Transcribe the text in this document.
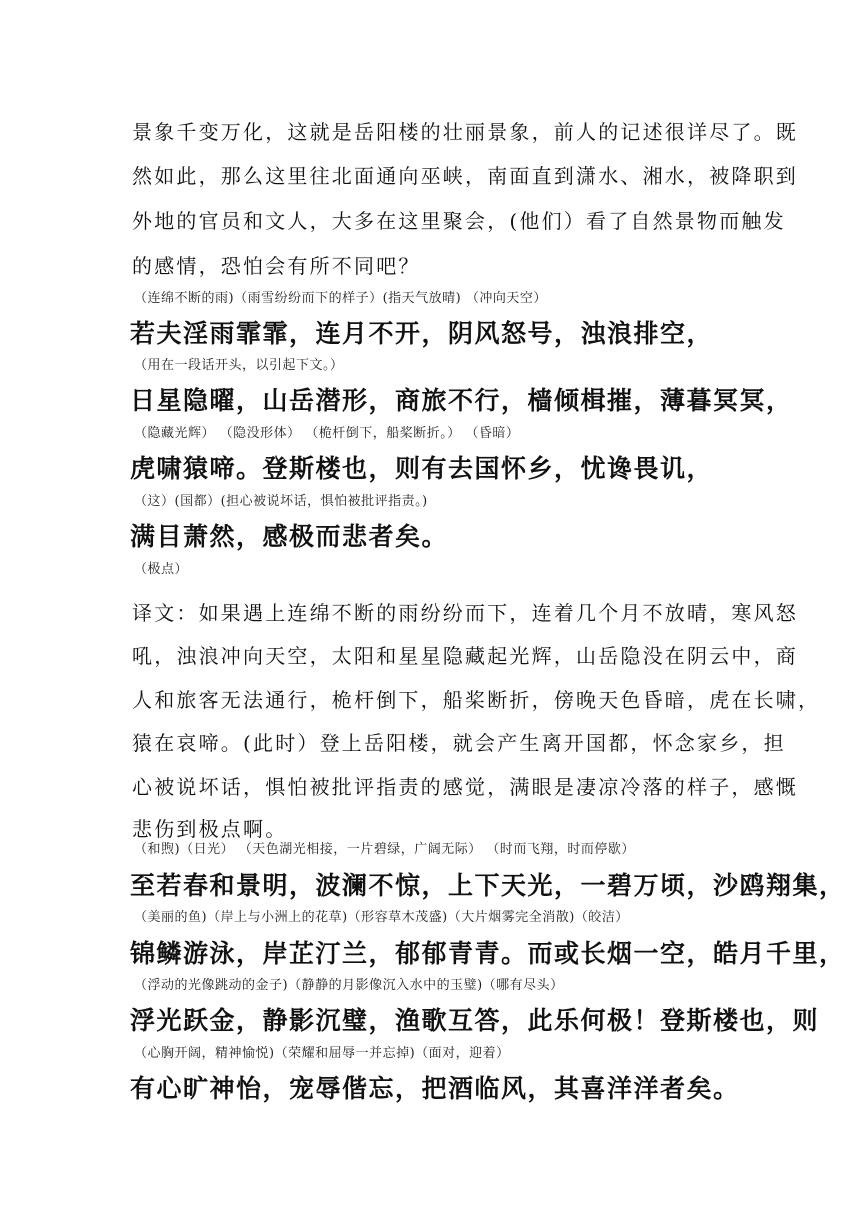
景象千变万化，这就是岳阳楼的壮丽景象，前人的记述很详尽了。既
然如此，那么这里往北面通向巫峡，南面直到潇水、湘水，被降职到
外地的官员和文人，大多在这里聚会，(他们）看了自然景物而触发
的感情，恐怕会有所不同吧？

（连绵不断的雨)（雨雪纷纷而下的样子）(指天气放晴) （冲向天空）

若夫淫雨霏霏，连月不开，阴风怒号，浊浪排空，

（用在一段话开头，以引起下文。）

日星隐曜，山岳潜形，商旅不行，樯倾楫摧，薄暮冥冥，

（隐藏光辉） （隐没形体） （桅杆倒下，船桨断折。） （昏暗）

虎啸猿啼。登斯楼也，则有去国怀乡，忧谗畏讥，

（这）(国都）(担心被说坏话，惧怕被批评指责。)

满目萧然，感极而悲者矣。

（极点）

译文：如果遇上连绵不断的雨纷纷而下，连着几个月不放晴，寒风怒
吼，浊浪冲向天空，太阳和星星隐藏起光辉，山岳隐没在阴云中，商
人和旅客无法通行，桅杆倒下，船桨断折，傍晚天色昏暗，虎在长啸，
猿在哀啼。(此时）登上岳阳楼，就会产生离开国都，怀念家乡，担
心被说坏话，惧怕被批评指责的感觉，满眼是凄凉冷落的样子，感慨
悲伤到极点啊。

（和煦)（日光） （天色湖光相接，一片碧绿，广阔无际） （时而飞翔，时而停歇）

至若春和景明，波澜不惊，上下天光，一碧万顷，沙鸥翔集，

（美丽的鱼)（岸上与小洲上的花草)（形容草木茂盛)（大片烟雾完全消散)（皎洁）

锦鳞游泳，岸芷汀兰，郁郁青青。而或长烟一空，皓月千里，

（浮动的光像跳动的金子)（静静的月影像沉入水中的玉璧)（哪有尽头）

浮光跃金，静影沉璧，渔歌互答，此乐何极！登斯楼也，则

（心胸开阔，精神愉悦)（荣耀和屈辱一并忘掉)（面对，迎着）

有心旷神怡，宠辱偕忘，把酒临风，其喜洋洋者矣。
